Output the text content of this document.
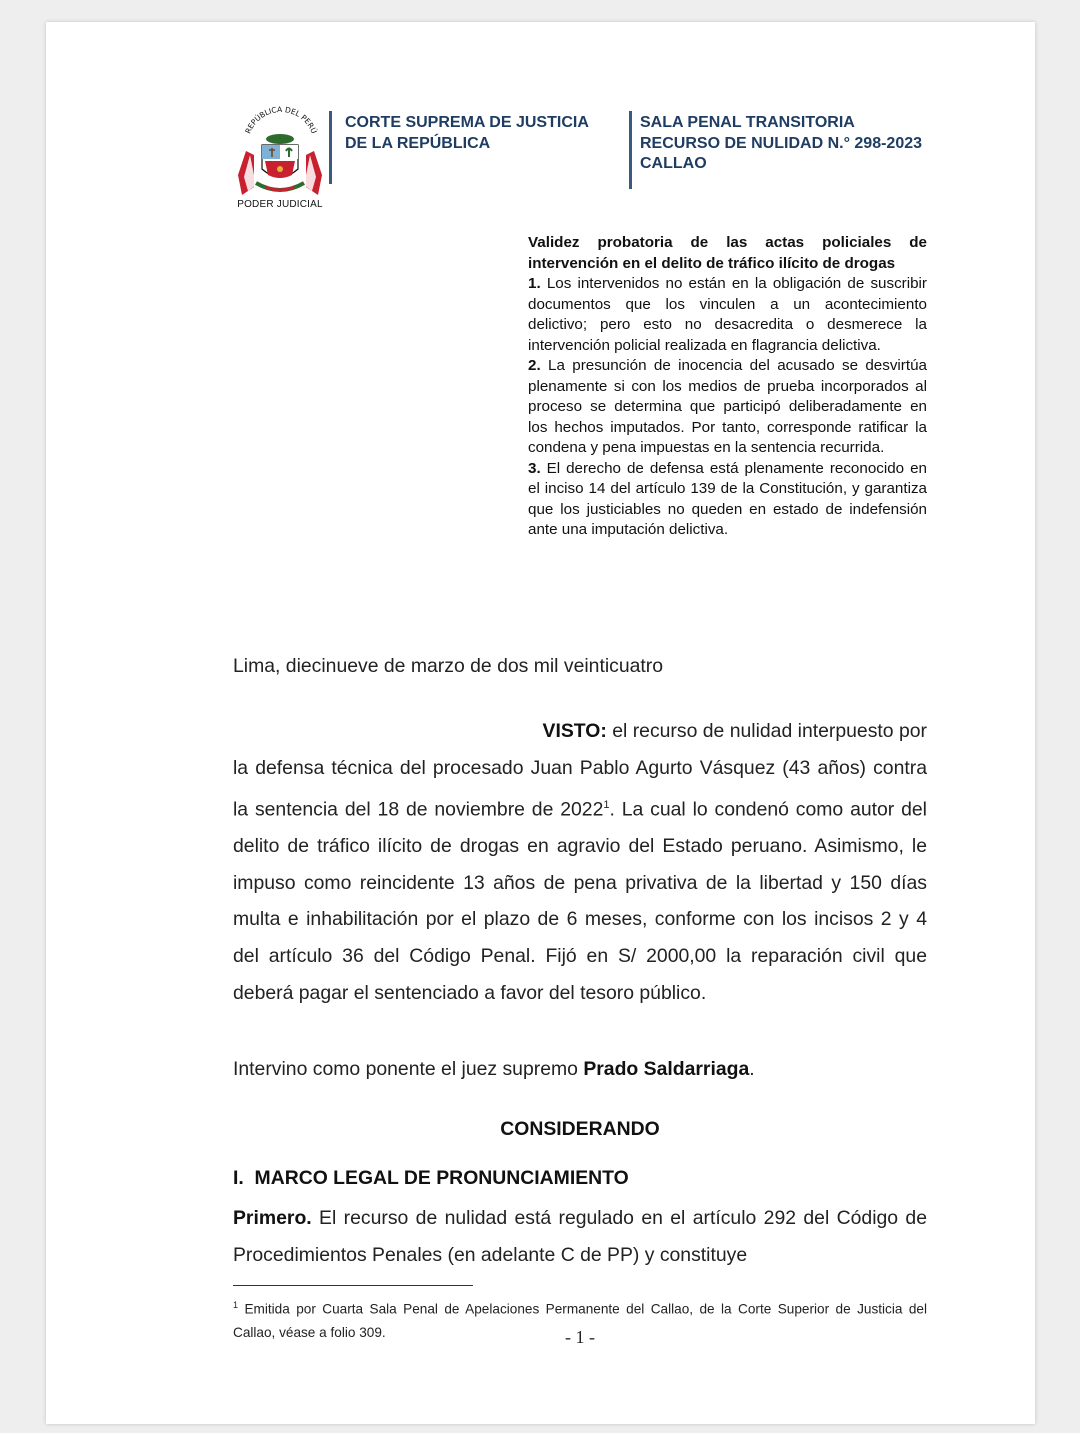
REPÚBLICA DEL PERÚ
PODER JUDICIAL
CORTE SUPREMA DE JUSTICIA
DE LA REPÚBLICA
SALA PENAL TRANSITORIA
RECURSO DE NULIDAD N.° 298-2023
CALLAO

Validez probatoria de las actas policiales de intervención en el delito de tráfico ilícito de drogas

1. Los intervenidos no están en la obligación de suscribir documentos que los vinculen a un acontecimiento delictivo; pero esto no desacredita o desmerece la intervención policial realizada en flagrancia delictiva.

2. La presunción de inocencia del acusado se desvirtúa plenamente si con los medios de prueba incorporados al proceso se determina que participó deliberadamente en los hechos imputados. Por tanto, corresponde ratificar la condena y pena impuestas en la sentencia recurrida.

3. El derecho de defensa está plenamente reconocido en el inciso 14 del artículo 139 de la Constitución, y garantiza que los justiciables no queden en estado de indefensión ante una imputación delictiva.

Lima, diecinueve de marzo de dos mil veinticuatro
VISTO: el recurso de nulidad interpuesto por
la defensa técnica del procesado Juan Pablo Agurto Vásquez (43 años) contra la sentencia del 18 de noviembre de 2022$^1$. La cual lo condenó como autor del delito de tráfico ilícito de drogas en agravio del Estado peruano. Asimismo, le impuso como reincidente 13 años de pena privativa de la libertad y 150 días multa e inhabilitación por el plazo de 6 meses, conforme con los incisos 2 y 4 del artículo 36 del Código Penal. Fijó en S/ 2000,00 la reparación civil que deberá pagar el sentenciado a favor del tesoro público.
Intervino como ponente el juez supremo Prado Saldarriaga.
CONSIDERANDO
I.  MARCO LEGAL DE PRONUNCIAMIENTO
Primero. El recurso de nulidad está regulado en el artículo 292 del Código de Procedimientos Penales (en adelante C de PP) y constituye
$^1$ Emitida por Cuarta Sala Penal de Apelaciones Permanente del Callao, de la Corte Superior de Justicia del Callao, véase a folio 309.	- 1 -
